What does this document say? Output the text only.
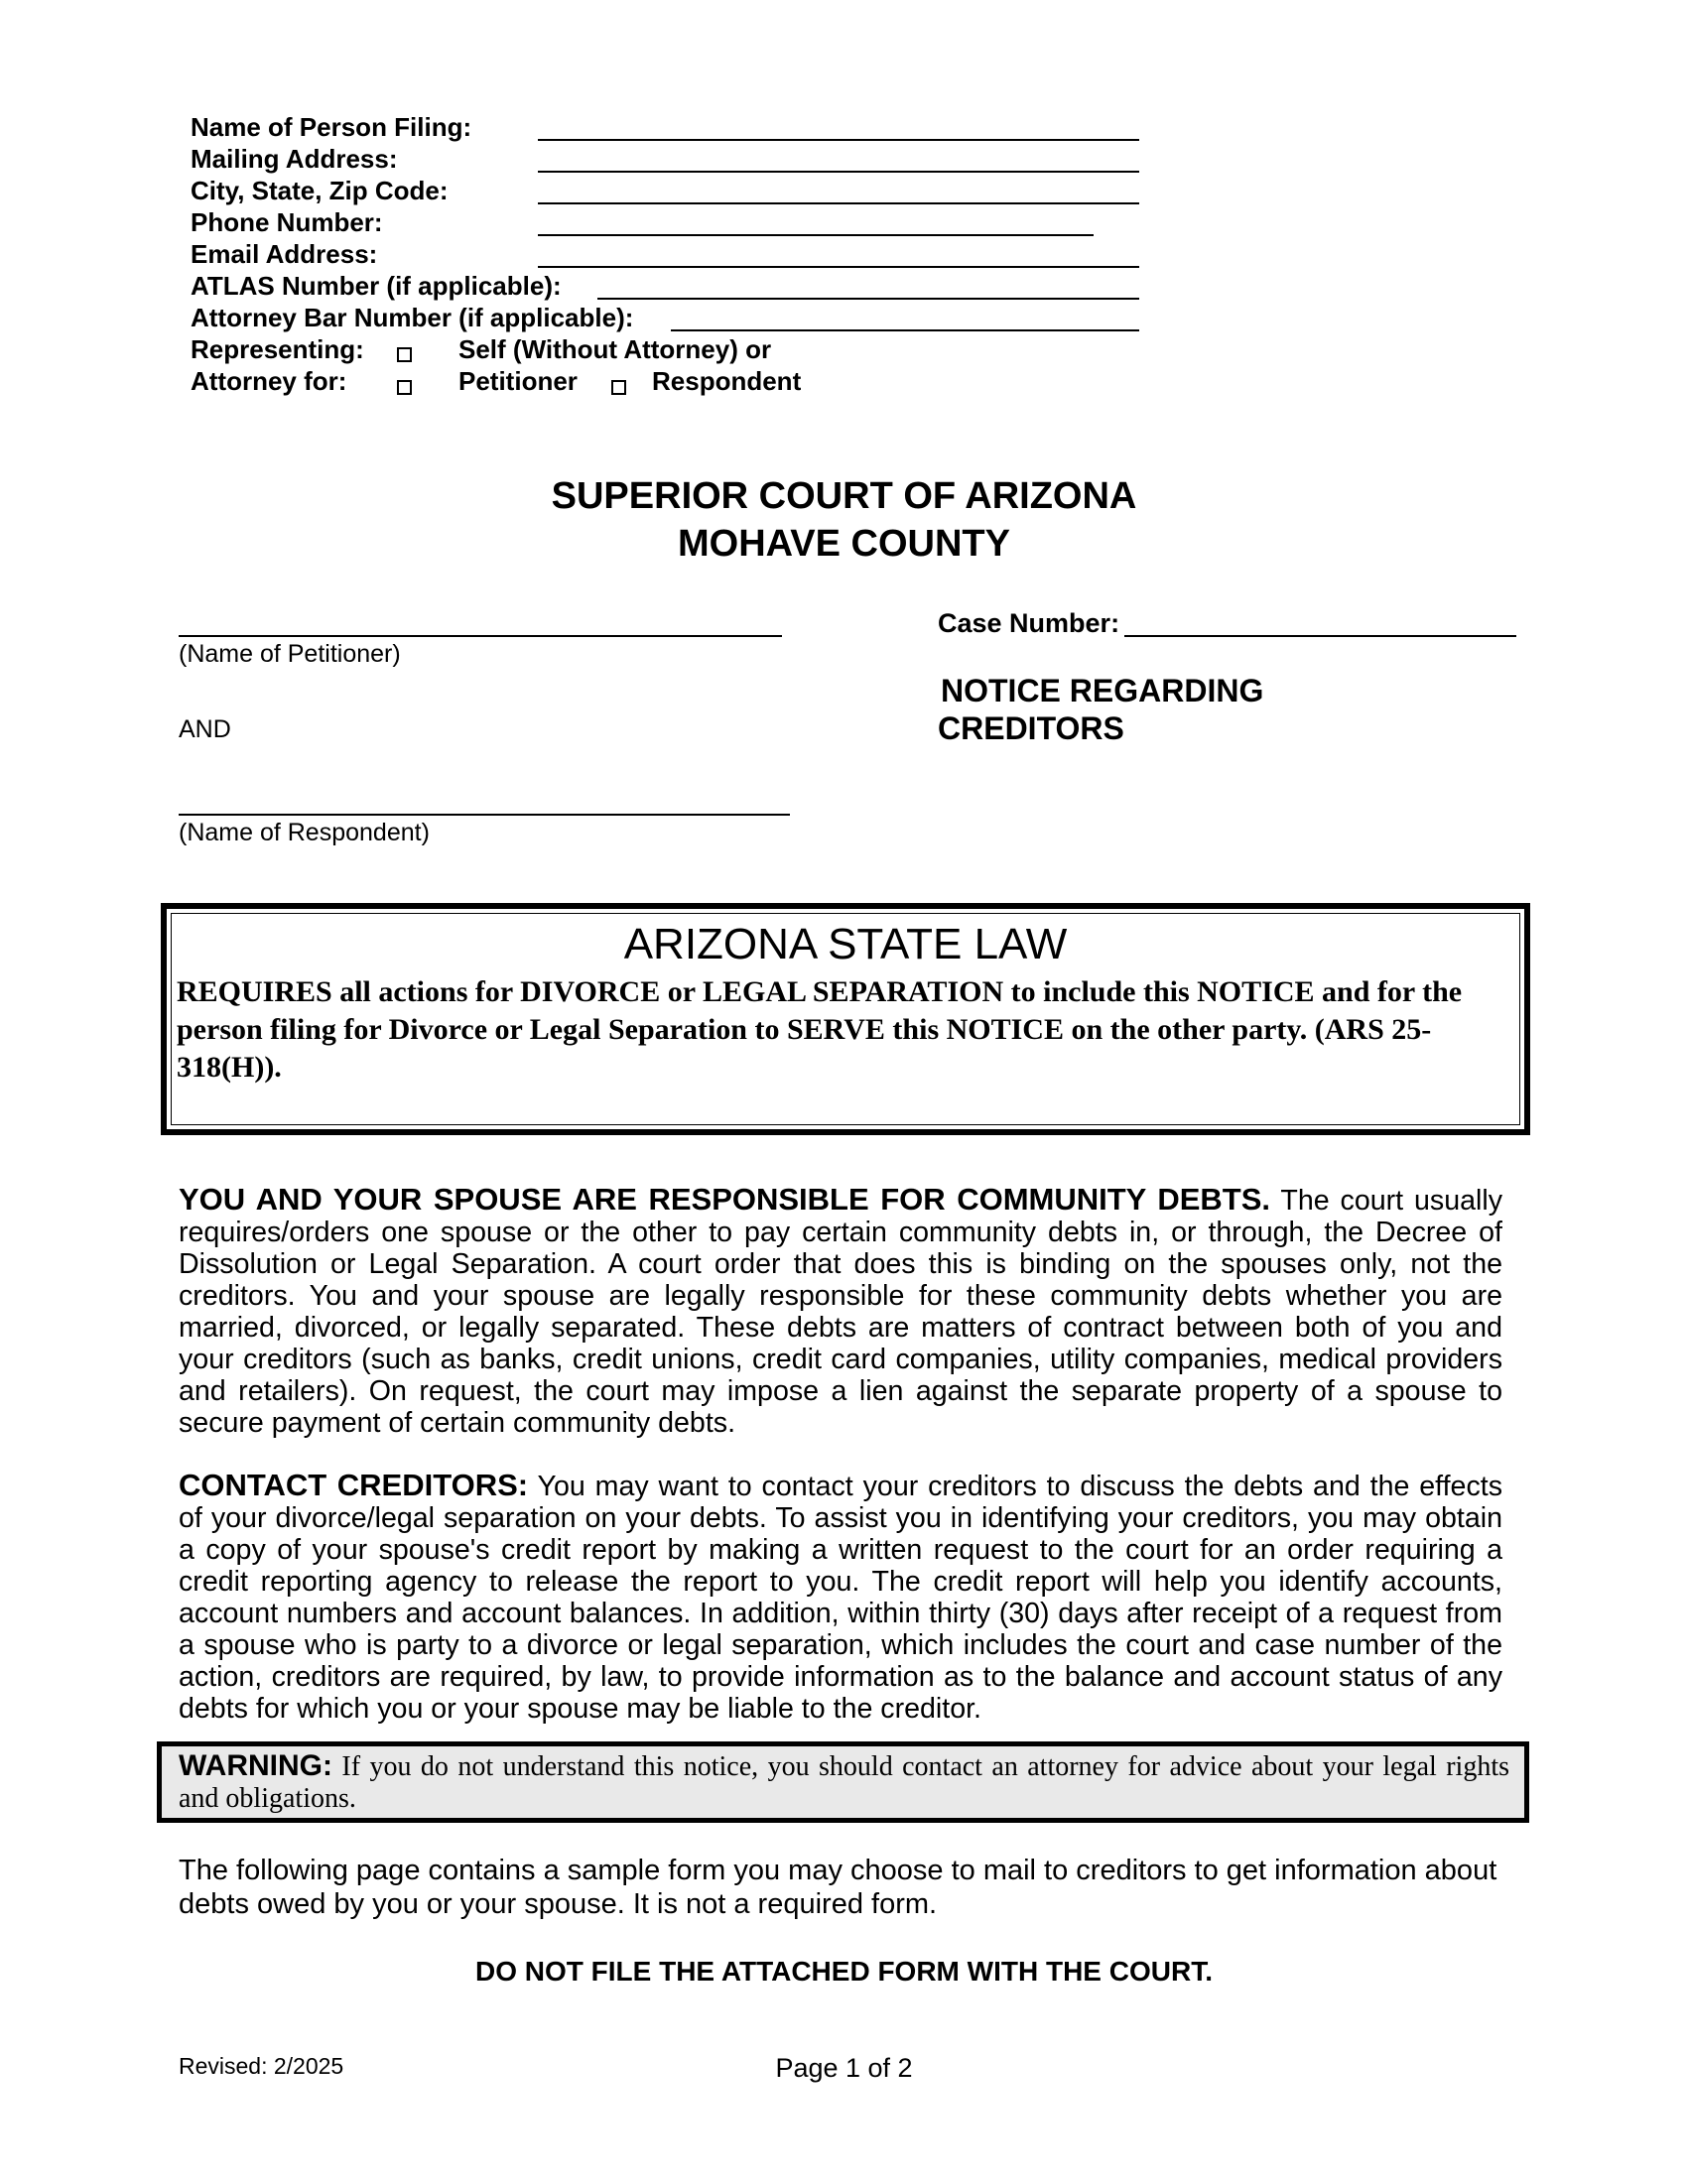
Name of Person Filing:
Mailing Address:
City, State, Zip Code:
Phone Number:
Email Address:
ATLAS Number (if applicable):
Attorney Bar Number (if applicable):
Representing:	Self (Without Attorney) or
Attorney for:	Petitioner	Respondent
SUPERIOR COURT OF ARIZONA
MOHAVE COUNTY
(Name of Petitioner)
AND
(Name of Respondent)
Case Number:
NOTICE REGARDING
CREDITORS
ARIZONA STATE LAW
REQUIRES all actions for DIVORCE or LEGAL SEPARATION to include this NOTICE and for the person filing for Divorce or Legal Separation to SERVE this NOTICE on the other party. (ARS 25-318(H)).
YOU AND YOUR SPOUSE ARE RESPONSIBLE FOR COMMUNITY DEBTS. The court usually requires/orders one spouse or the other to pay certain community debts in, or through, the Decree of Dissolution or Legal Separation. A court order that does this is binding on the spouses only, not the creditors. You and your spouse are legally responsible for these community debts whether you are married, divorced, or legally separated. These debts are matters of contract between both of you and your creditors (such as banks, credit unions, credit card companies, utility companies, medical providers and retailers). On request, the court may impose a lien against the separate property of a spouse to secure payment of certain community debts.
CONTACT CREDITORS: You may want to contact your creditors to discuss the debts and the effects of your divorce/legal separation on your debts. To assist you in identifying your creditors, you may obtain a copy of your spouse's credit report by making a written request to the court for an order requiring a credit reporting agency to release the report to you. The credit report will help you identify accounts, account numbers and account balances. In addition, within thirty (30) days after receipt of a request from a spouse who is party to a divorce or legal separation, which includes the court and case number of the action, creditors are required, by law, to provide information as to the balance and account status of any debts for which you or your spouse may be liable to the creditor.
WARNING: If you do not understand this notice, you should contact an attorney for advice about your legal rights and obligations.
The following page contains a sample form you may choose to mail to creditors to get information about debts owed by you or your spouse. It is not a required form.
DO NOT FILE THE ATTACHED FORM WITH THE COURT.
Revised: 2/2025	Page 1 of 2
